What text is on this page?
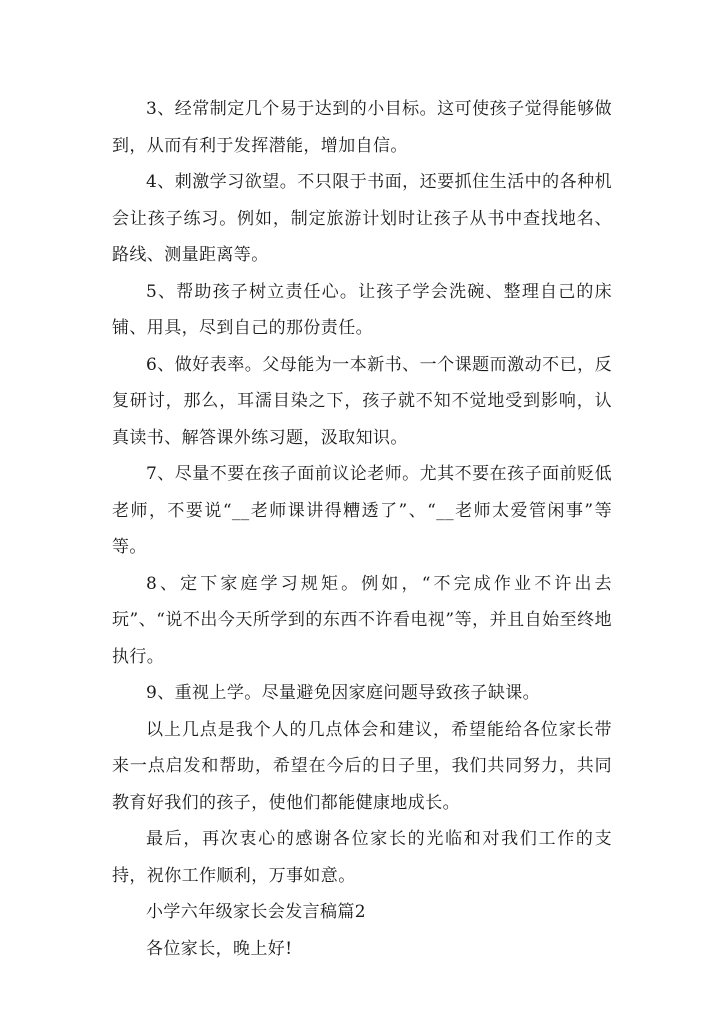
3、经常制定几个易于达到的小目标。这可使孩子觉得能够做到，从而有利于发挥潜能，增加自信。

4、刺激学习欲望。不只限于书面，还要抓住生活中的各种机会让孩子练习。例如，制定旅游计划时让孩子从书中查找地名、路线、测量距离等。

5、帮助孩子树立责任心。让孩子学会洗碗、整理自己的床铺、用具，尽到自己的那份责任。

6、做好表率。父母能为一本新书、一个课题而激动不已，反复研讨，那么，耳濡目染之下，孩子就不知不觉地受到影响，认真读书、解答课外练习题，汲取知识。

7、尽量不要在孩子面前议论老师。尤其不要在孩子面前贬低老师，不要说“__老师课讲得糟透了”、“__老师太爱管闲事”等等。

8、定下家庭学习规矩。例如，“不完成作业不许出去玩”、“说不出今天所学到的东西不许看电视”等，并且自始至终地执行。

9、重视上学。尽量避免因家庭问题导致孩子缺课。

以上几点是我个人的几点体会和建议，希望能给各位家长带来一点启发和帮助，希望在今后的日子里，我们共同努力，共同教育好我们的孩子，使他们都能健康地成长。

最后，再次衷心的感谢各位家长的光临和对我们工作的支持，祝你工作顺利，万事如意。

小学六年级家长会发言稿篇2

各位家长，晚上好!
